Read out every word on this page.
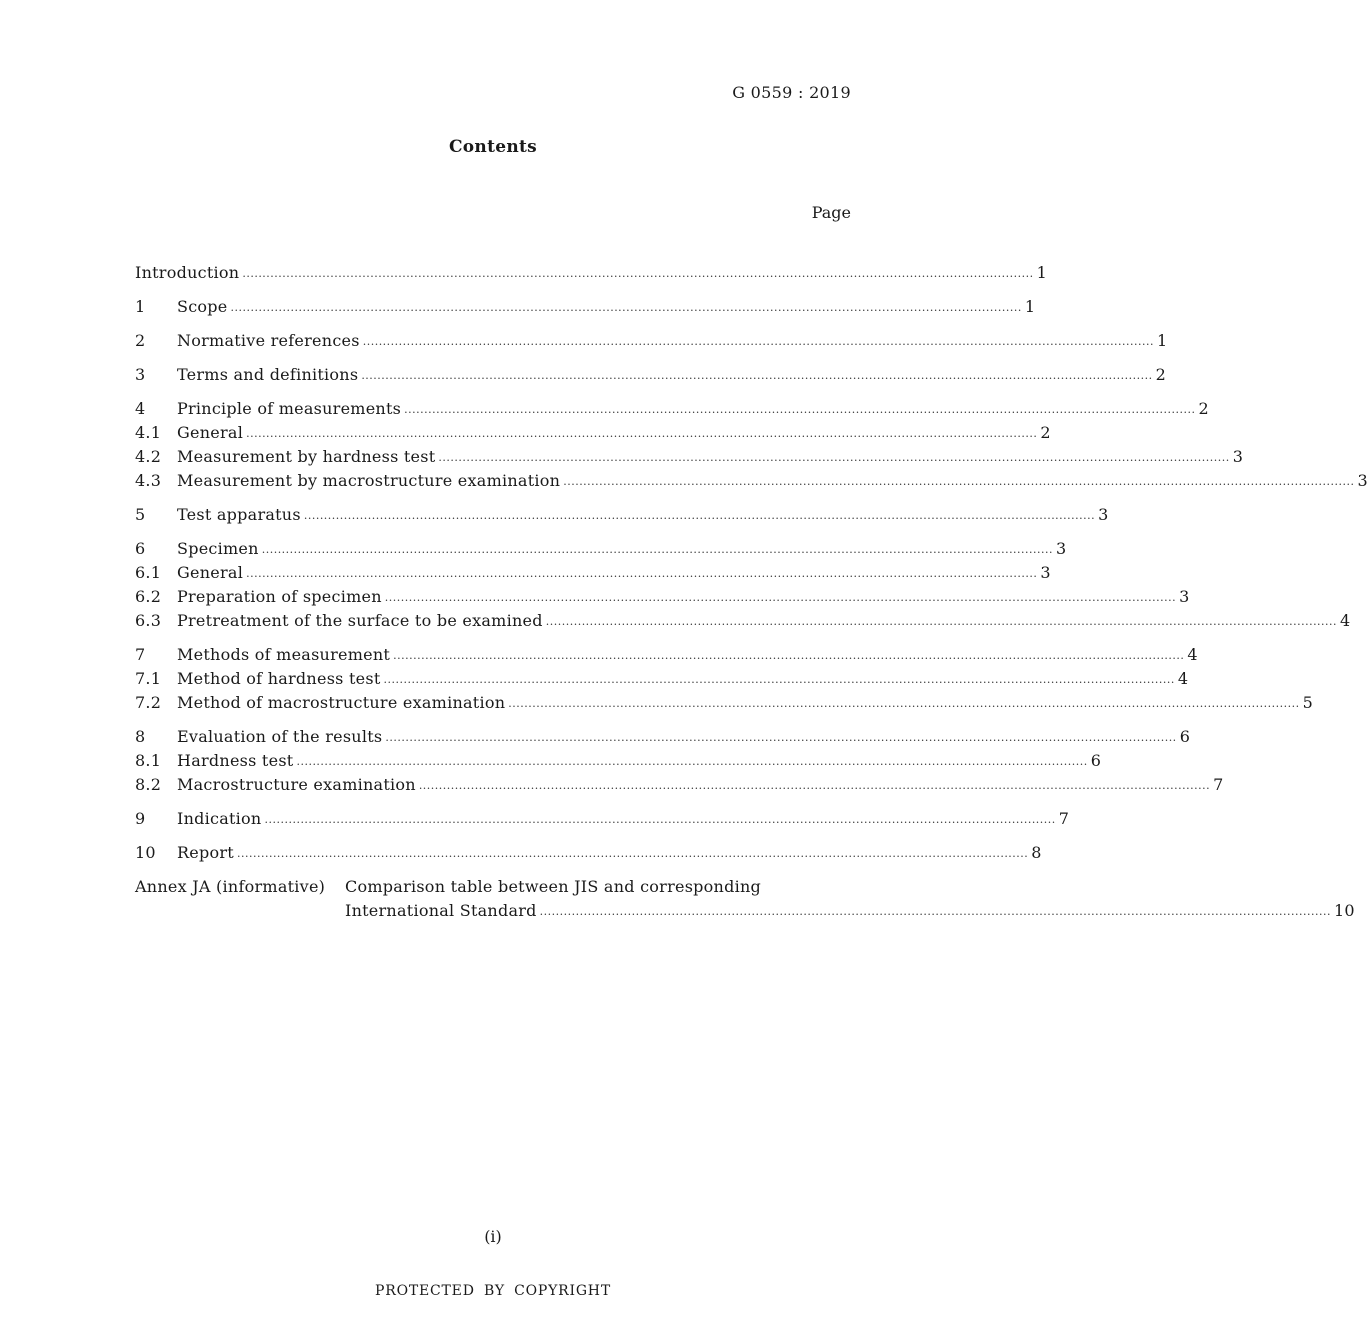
G 0559 : 2019
Contents
Page
Introduction ·····	1
1	Scope ·····	1
2	Normative references ·····	1
3	Terms and definitions ·····	2
4	Principle of measurements ·····	2
4.1 General ·····	2
4.2 Measurement by hardness test ·····	3
4.3 Measurement by macrostructure examination ·····	3
5	Test apparatus ·····	3
6	Specimen ·····	3
6.1 General ·····	3
6.2 Preparation of specimen ·····	3
6.3 Pretreatment of the surface to be examined ·····	4
7	Methods of measurement ·····	4
7.1 Method of hardness test ·····	4
7.2 Method of macrostructure examination ·····	5
8	Evaluation of the results ·····	6
8.1 Hardness test ·····	6
8.2 Macrostructure examination ·····	7
9	Indication ·····	7
10	Report ·····	8
Annex JA (informative)	Comparison table between JIS and corresponding
International Standard ·····	10
(i)
PROTECTED BY COPYRIGHT
